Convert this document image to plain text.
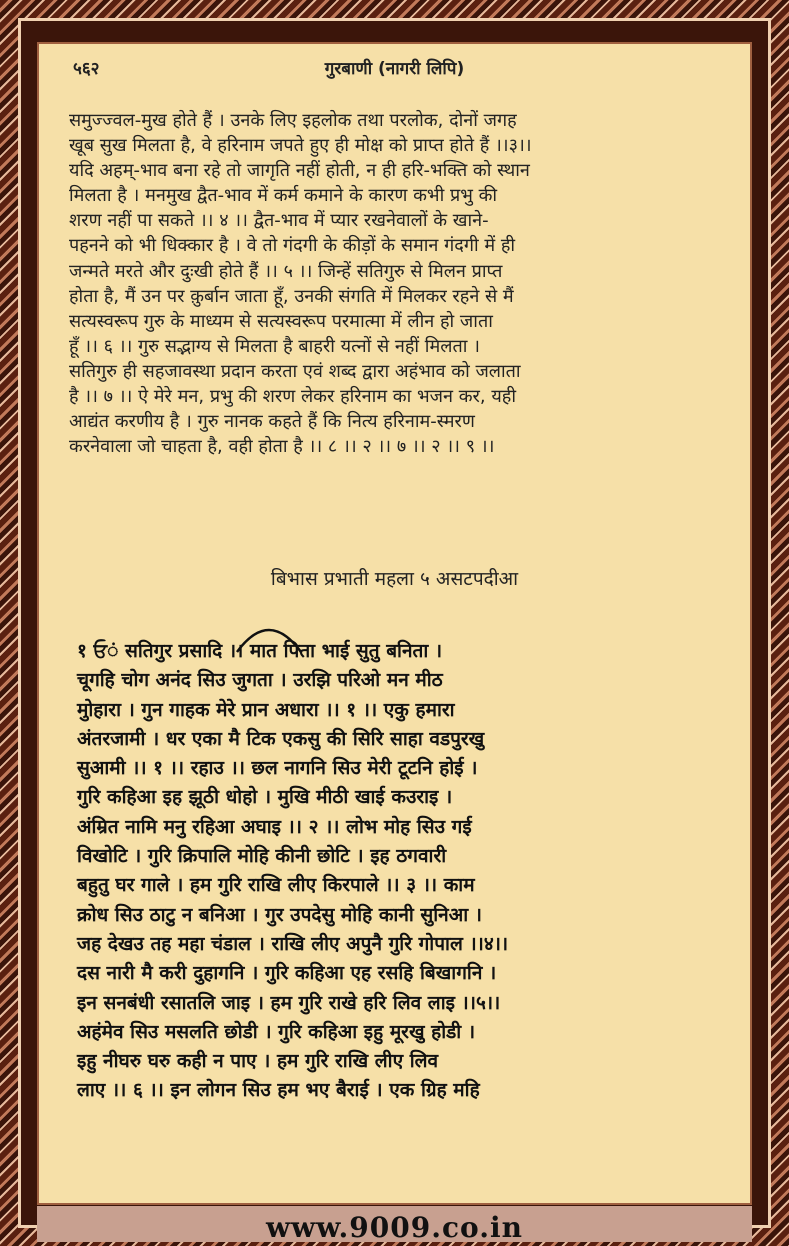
५६२	गुरबाणी (नागरी लिपि)
समुज्ज्वल-मुख होते हैं । उनके लिए इहलोक तथा परलोक, दोनों जगह
खूब सुख मिलता है, वे हरिनाम जपते हुए ही मोक्ष को प्राप्त होते हैं ।।३।।
यदि अहम्-भाव बना रहे तो जागृति नहीं होती, न ही हरि-भक्ति को स्थान
मिलता है । मनमुख द्वैत-भाव में कर्म कमाने के कारण कभी प्रभु की
शरण नहीं पा सकते ।। ४ ।। द्वैत-भाव में प्यार रखनेवालों के खाने-
पहनने को भी धिक्कार है । वे तो गंदगी के कीड़ों के समान गंदगी में ही
जन्मते मरते और दुःखी होते हैं ।। ५ ।। जिन्हें सतिगुरु से मिलन प्राप्त
होता है, मैं उन पर क़ुर्बान जाता हूँ, उनकी संगति में मिलकर रहने से मैं
सत्यस्वरूप गुरु के माध्यम से सत्यस्वरूप परमात्मा में लीन हो जाता
हूँ ।। ६ ।। गुरु सद्भाग्य से मिलता है बाहरी यत्नों से नहीं मिलता ।
सतिगुरु ही सहजावस्था प्रदान करता एवं शब्द द्वारा अहंभाव को जलाता
है ।। ७ ।। ऐ मेरे मन, प्रभु की शरण लेकर हरिनाम का भजन कर, यही
आद्यंत करणीय है । गुरु नानक कहते हैं कि नित्य हरिनाम-स्मरण
करनेवाला जो चाहता है, वही होता है ।। ८ ।। २ ।। ७ ।। २ ।। ९ ।।
बिभास प्रभाती महला ५ असटपदीआ
१ ਓं सतिगुर प्रसादि ।। मात पिता भाई सुतु बनिता ।
चूगहि चोग अनंद सिउ जुगता । उरझि परिओ मन मीठ
मुोहारा । गुन गाहक मेरे प्रान अधारा ।। १ ।। एकु हमारा
अंतरजामी । धर एका मै टिक एकसु की सिरि साहा वडपुरखु
सुआमी ।। १ ।। रहाउ ।। छल नागनि सिउ मेरी टूटनि होई ।
गुरि कहिआ इह झूठी धोहो । मुखि मीठी खाई कउराइ ।
अंम्रित नामि मनु रहिआ अघाइ ।। २ ।। लोभ मोह सिउ गई
विखोटि । गुरि क्रिपालि मोहि कीनी छोटि । इह ठगवारी
बहुतु घर गाले । हम गुरि राखि लीए किरपाले ।। ३ ।। काम
क्रोध सिउ ठाटु न बनिआ । गुर उपदेसु मोहि कानी सुनिआ ।
जह देखउ तह महा चंडाल । राखि लीए अपुनै गुरि गोपाल ।।४।।
दस नारी मै करी दुहागनि । गुरि कहिआ एह रसहि बिखागनि ।
इन सनबंधी रसातलि जाइ । हम गुरि राखे हरि लिव लाइ ।।५।।
अहंमेव सिउ मसलति छोडी । गुरि कहिआ इहु मूरखु होडी ।
इहु नीघरु घरु कही न पाए । हम गुरि राखि लीए लिव
लाए ।। ६ ।। इन लोगन सिउ हम भए बैराई । एक ग्रिह महि
www.9009.co.in
